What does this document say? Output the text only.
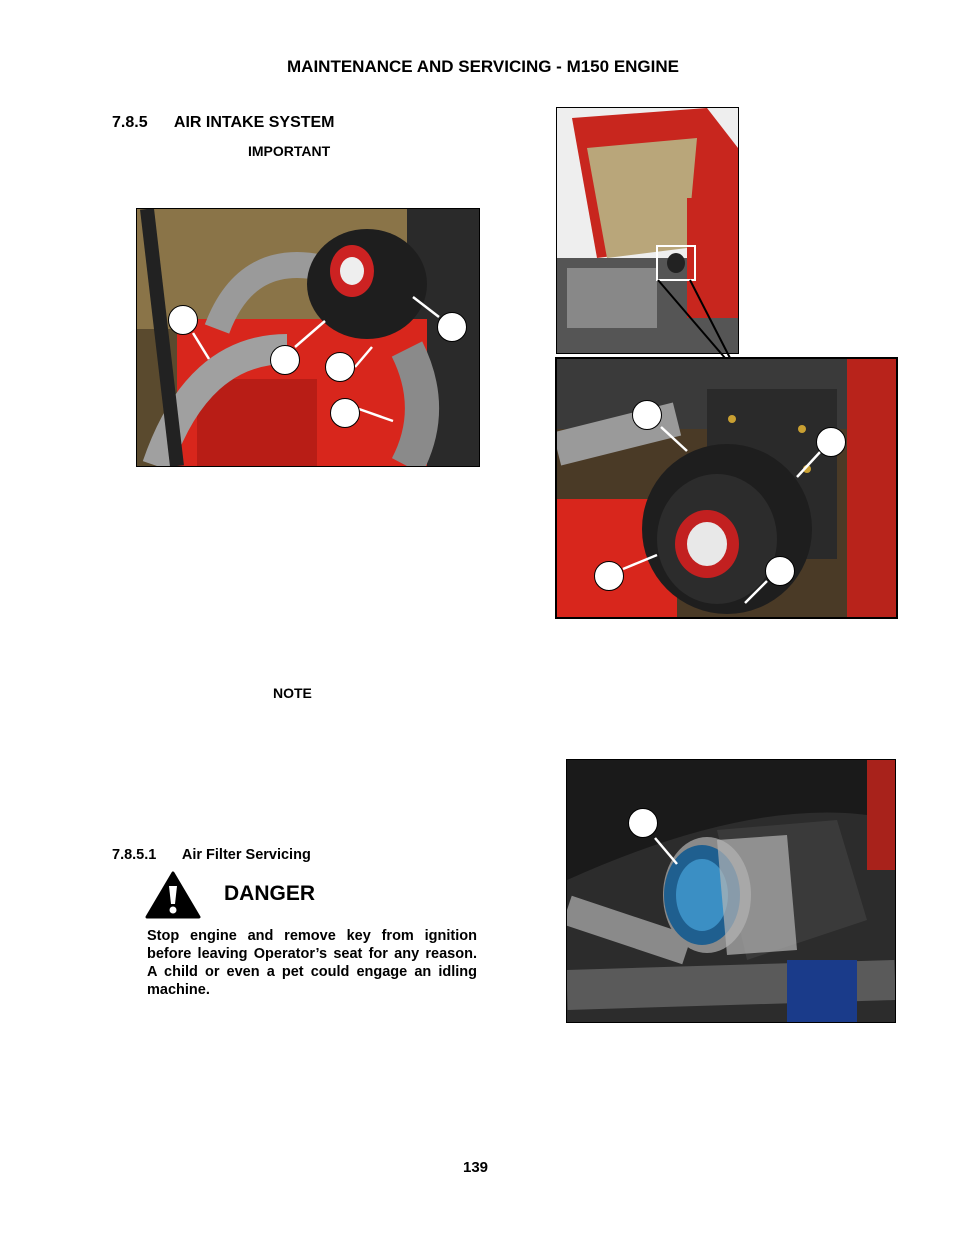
MAINTENANCE AND SERVICING - M150 ENGINE
7.8.5 AIR INTAKE SYSTEM
IMPORTANT
NOTE
7.8.5.1 Air Filter Servicing
DANGER
Stop engine and remove key from ignition before leaving Operator’s seat for any reason. A child or even a pet could engage an idling machine.
139
